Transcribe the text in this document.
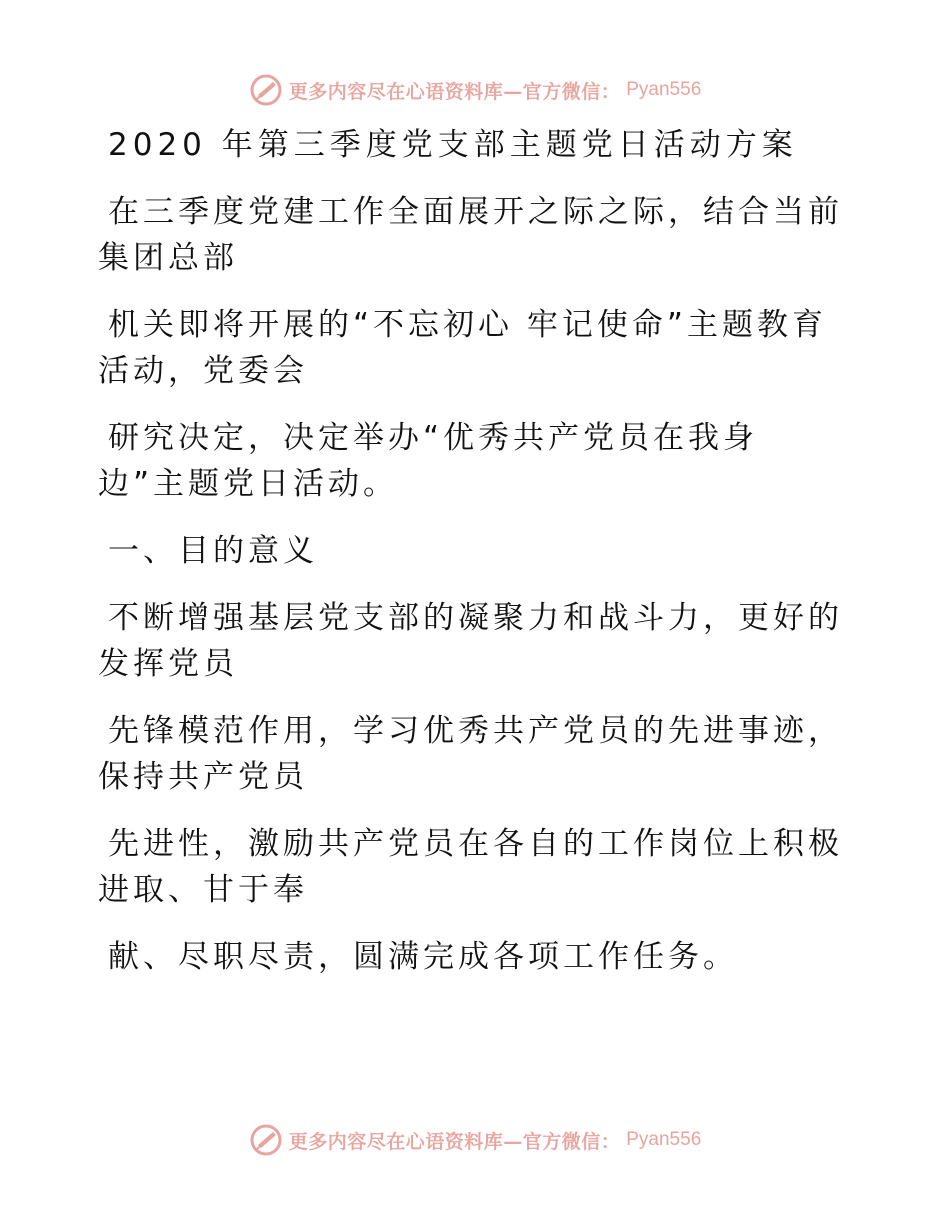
更多内容尽在心语资料库—官方微信： Pyan556
2020 年第三季度党支部主题党日活动方案
在三季度党建工作全面展开之际之际，结合当前
集团总部
机关即将开展的“不忘初心 牢记使命”主题教育
活动，党委会
研究决定，决定举办“优秀共产党员在我身
边”主题党日活动。
一、目的意义
不断增强基层党支部的凝聚力和战斗力，更好的
发挥党员
先锋模范作用，学习优秀共产党员的先进事迹，
保持共产党员
先进性，激励共产党员在各自的工作岗位上积极
进取、甘于奉
献、尽职尽责，圆满完成各项工作任务。
更多内容尽在心语资料库—官方微信： Pyan556
